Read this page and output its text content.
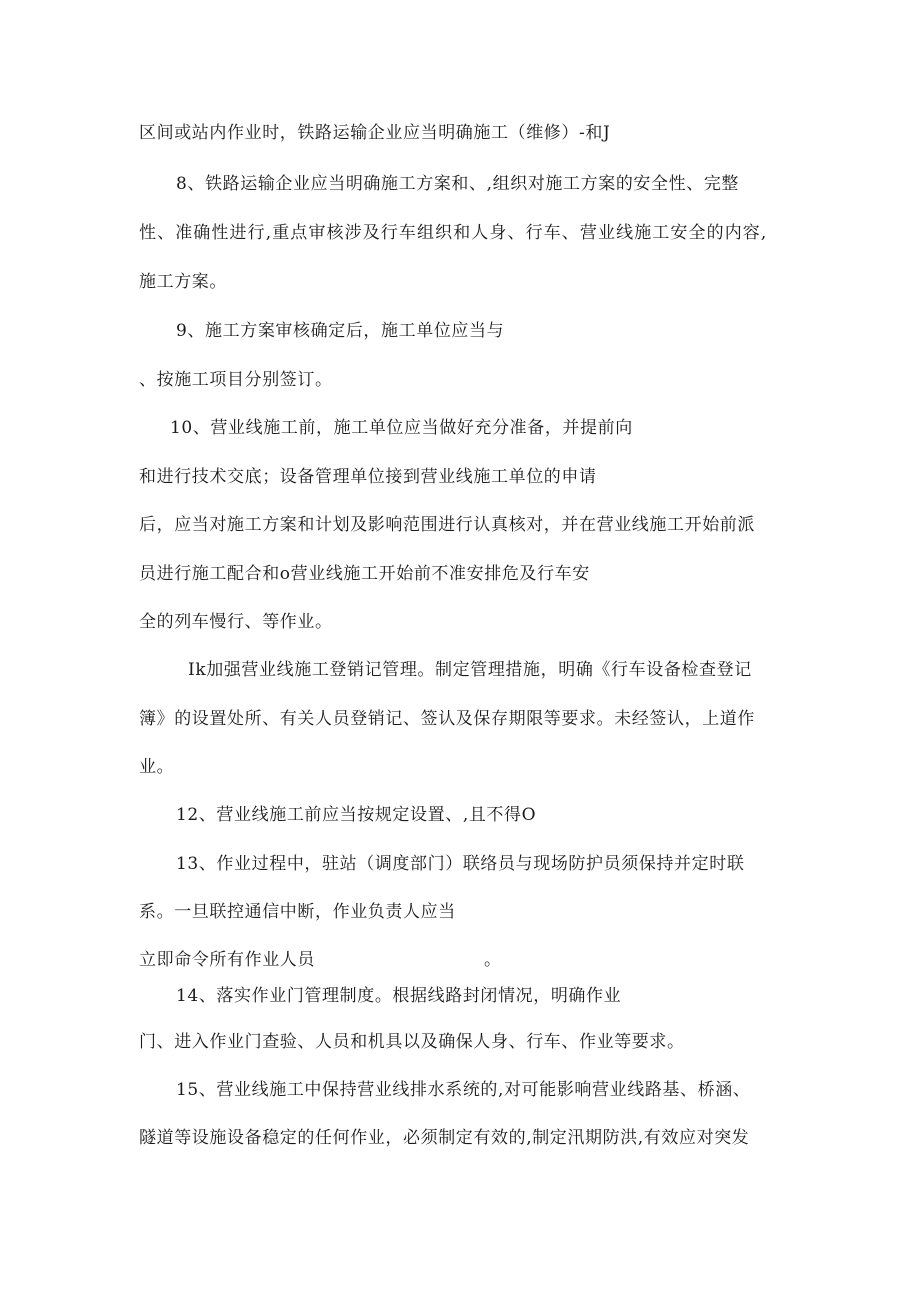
区间或站内作业时，铁路运输企业应当明确施工（维修）-和J
8、铁路运输企业应当明确施工方案和、,组织对施工方案的安全性、完整
性、准确性进行,重点审核涉及行车组织和人身、行车、营业线施工安全的内容,
施工方案。
9、施工方案审核确定后，施工单位应当与
、按施工项目分别签订。
10、营业线施工前，施工单位应当做好充分准备，并提前向
和进行技术交底；设备管理单位接到营业线施工单位的申请
后，应当对施工方案和计划及影响范围进行认真核对，并在营业线施工开始前派
员进行施工配合和o营业线施工开始前不准安排危及行车安
全的列车慢行、等作业。
Ik加强营业线施工登销记管理。制定管理措施，明确《行车设备检查登记
簿》的设置处所、有关人员登销记、签认及保存期限等要求。未经签认，上道作
业。
12、营业线施工前应当按规定设置、,且不得O
13、作业过程中，驻站（调度部门）联络员与现场防护员须保持并定时联
系。一旦联控通信中断，作业负责人应当
立即命令所有作业人员	。
14、落实作业门管理制度。根据线路封闭情况，明确作业
门、进入作业门查验、人员和机具以及确保人身、行车、作业等要求。
15、营业线施工中保持营业线排水系统的,对可能影响营业线路基、桥涵、
隧道等设施设备稳定的任何作业，必须制定有效的,制定汛期防洪,有效应对突发
